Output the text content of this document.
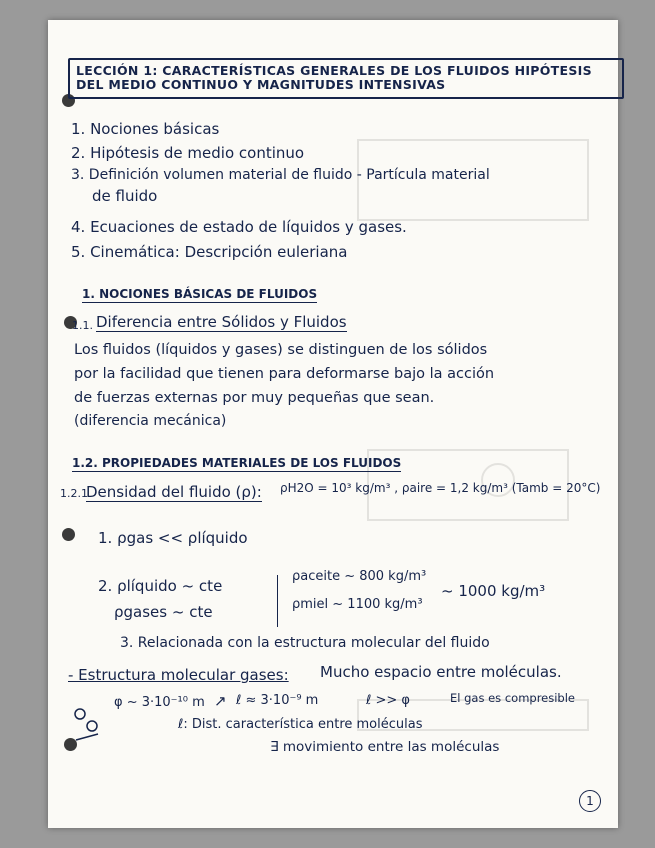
LECCIÓN 1: CARACTERÍSTICAS GENERALES DE LOS FLUIDOS HIPÓTESIS DEL MEDIO CONTINUO Y MAGNITUDES INTENSIVAS
1. Nociones básicas
2. Hipótesis de medio continuo
3. Definición volumen material de fluido - Partícula material
de fluido
4. Ecuaciones de estado de líquidos y gases.
5. Cinemática: Descripción euleriana
1. NOCIONES BÁSICAS DE FLUIDOS
1.1. Diferencia entre Sólidos y Fluidos
Los fluidos (líquidos y gases) se distinguen de los sólidos
por la facilidad que tienen para deformarse bajo la acción
de fuerzas externas por muy pequeñas que sean.
(diferencia mecánica)
1.2. PROPIEDADES MATERIALES DE LOS FLUIDOS
1.2.1
Densidad del fluido (ρ): ρH2O = 10³ kg/m³ , ρaire = 1,2 kg/m³ (Tamb = 20°C)
1. ρgas << ρlíquido
2. ρlíquido ~ cte
ρgases ~ cte
ρaceite ~ 800 kg/m³
ρmiel ~ 1100 kg/m³
~ 1000 kg/m³
3. Relacionada con la estructura molecular del fluido
- Estructura molecular gases: Mucho espacio entre moléculas.
φ ~ 3·10⁻¹⁰ m ↗ ℓ ≈ 3·10⁻⁹ m	ℓ >> φ	El gas es compresible
ℓ: Dist. característica entre moléculas
∃ movimiento entre las moléculas
1
